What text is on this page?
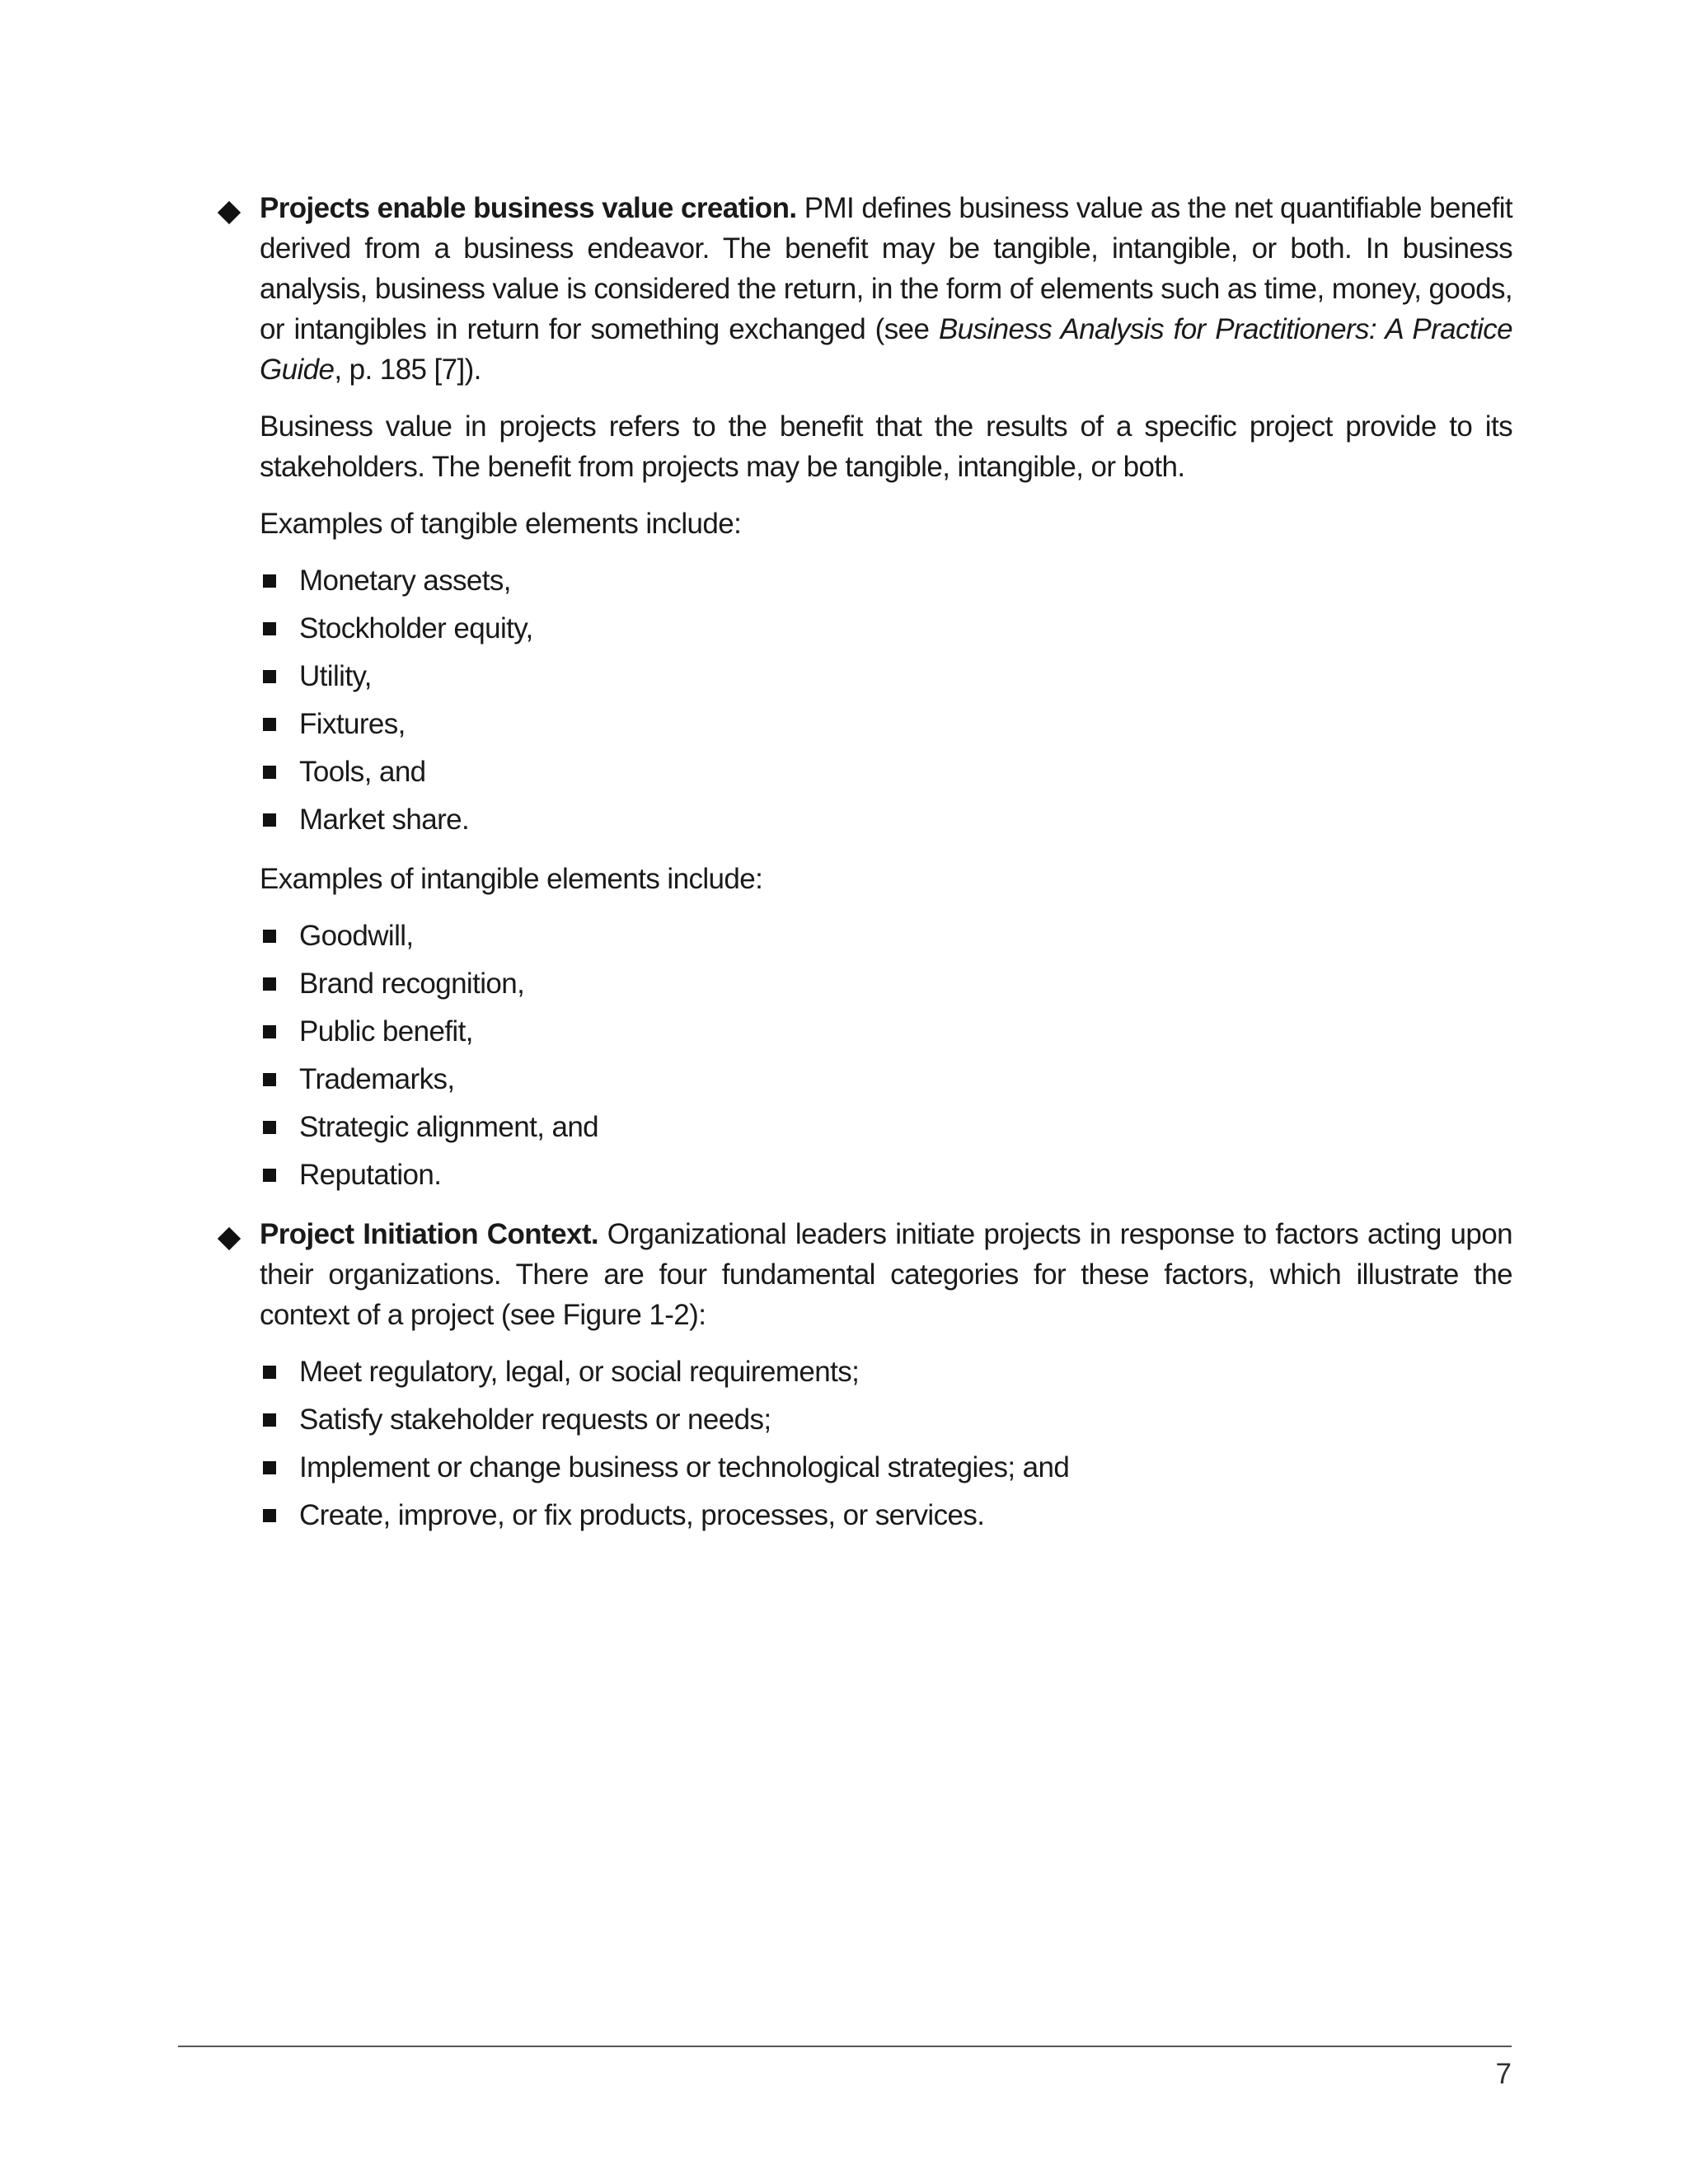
Projects enable business value creation. PMI defines business value as the net quantifiable benefit derived from a business endeavor. The benefit may be tangible, intangible, or both. In business analysis, business value is considered the return, in the form of elements such as time, money, goods, or intangibles in return for something exchanged (see Business Analysis for Practitioners: A Practice Guide, p. 185 [7]).

Business value in projects refers to the benefit that the results of a specific project provide to its stakeholders. The benefit from projects may be tangible, intangible, or both.

Examples of tangible elements include:

Monetary assets,
Stockholder equity,
Utility,
Fixtures,
Tools, and
Market share.

Examples of intangible elements include:

Goodwill,
Brand recognition,
Public benefit,
Trademarks,
Strategic alignment, and
Reputation.

Project Initiation Context. Organizational leaders initiate projects in response to factors acting upon their organizations. There are four fundamental categories for these factors, which illustrate the context of a project (see Figure 1-2):

Meet regulatory, legal, or social requirements;
Satisfy stakeholder requests or needs;
Implement or change business or technological strategies; and
Create, improve, or fix products, processes, or services.
7
